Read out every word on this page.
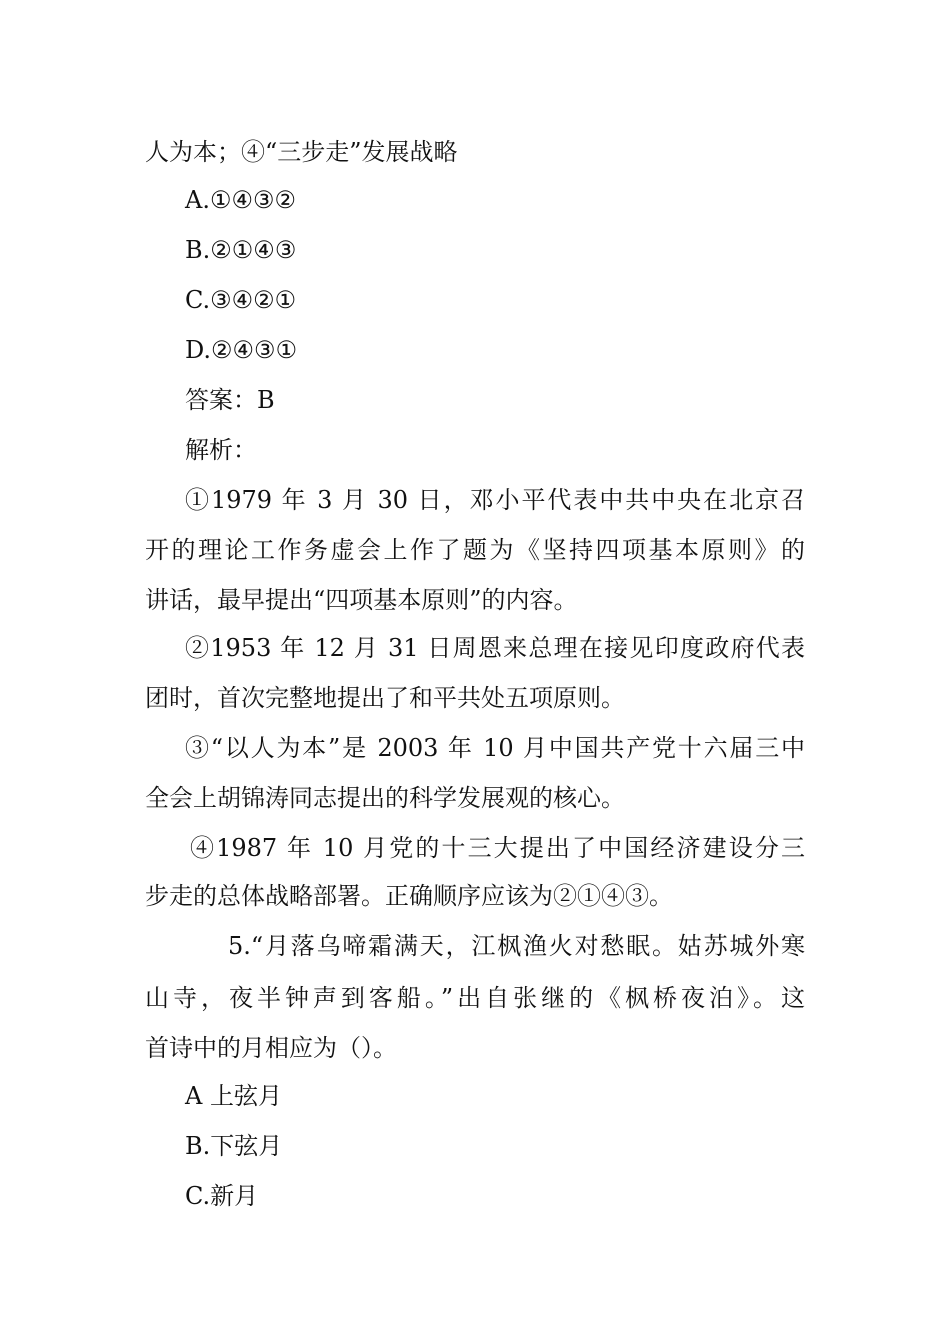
人为本；④“三步走”发展战略
A.①④③②
B.②①④③
C.③④②①
D.②④③①
答案：B
解析：
①1979 年 3 月 30 日，邓小平代表中共中央在北京召
开的理论工作务虚会上作了题为《坚持四项基本原则》的
讲话，最早提出“四项基本原则”的内容。
②1953 年 12 月 31 日周恩来总理在接见印度政府代表
团时，首次完整地提出了和平共处五项原则。
③“以人为本”是 2003 年 10 月中国共产党十六届三中
全会上胡锦涛同志提出的科学发展观的核心。
④1987 年 10 月党的十三大提出了中国经济建设分三
步走的总体战略部署。正确顺序应该为②①④③。
5.“月落乌啼霜满天，江枫渔火对愁眠。姑苏城外寒
山寺，夜半钟声到客船。”出自张继的《枫桥夜泊》。这
首诗中的月相应为（）。
A 上弦月
B.下弦月
C.新月
